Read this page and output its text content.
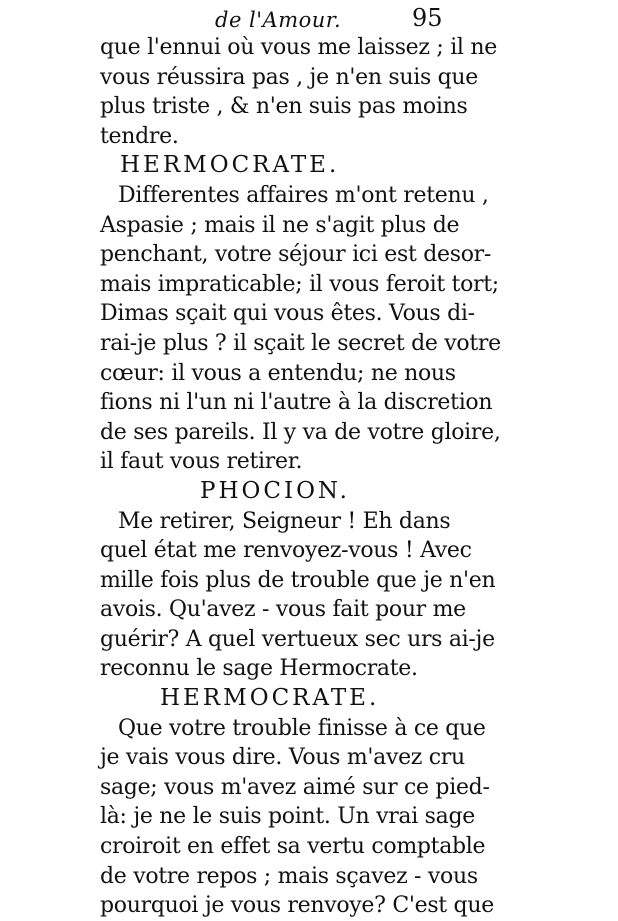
de l'Amour.	95
que l'ennui où vous me laissez ; il ne
vous réussira pas , je n'en suis que
plus triste , & n'en suis pas moins
tendre.
HERMOCRATE.
Differentes affaires m'ont retenu ,
Aspasie ; mais il ne s'agit plus de
penchant, votre séjour ici est desor-
mais impraticable; il vous feroit tort;
Dimas sçait qui vous êtes. Vous di-
rai-je plus ? il sçait le secret de votre
cœur: il vous a entendu; ne nous
fions ni l'un ni l'autre à la discretion
de ses pareils. Il y va de votre gloire,
il faut vous retirer.
PHOCION.
Me retirer, Seigneur ! Eh dans
quel état me renvoyez-vous ! Avec
mille fois plus de trouble que je n'en
avois. Qu'avez - vous fait pour me
guérir? A quel vertueux sec urs ai-je
reconnu le sage Hermocrate.
HERMOCRATE.
Que votre trouble finisse à ce que
je vais vous dire. Vous m'avez cru
sage; vous m'avez aimé sur ce pied-
là: je ne le suis point. Un vrai sage
croiroit en effet sa vertu comptable
de votre repos ; mais sçavez - vous
pourquoi je vous renvoye? C'est que
